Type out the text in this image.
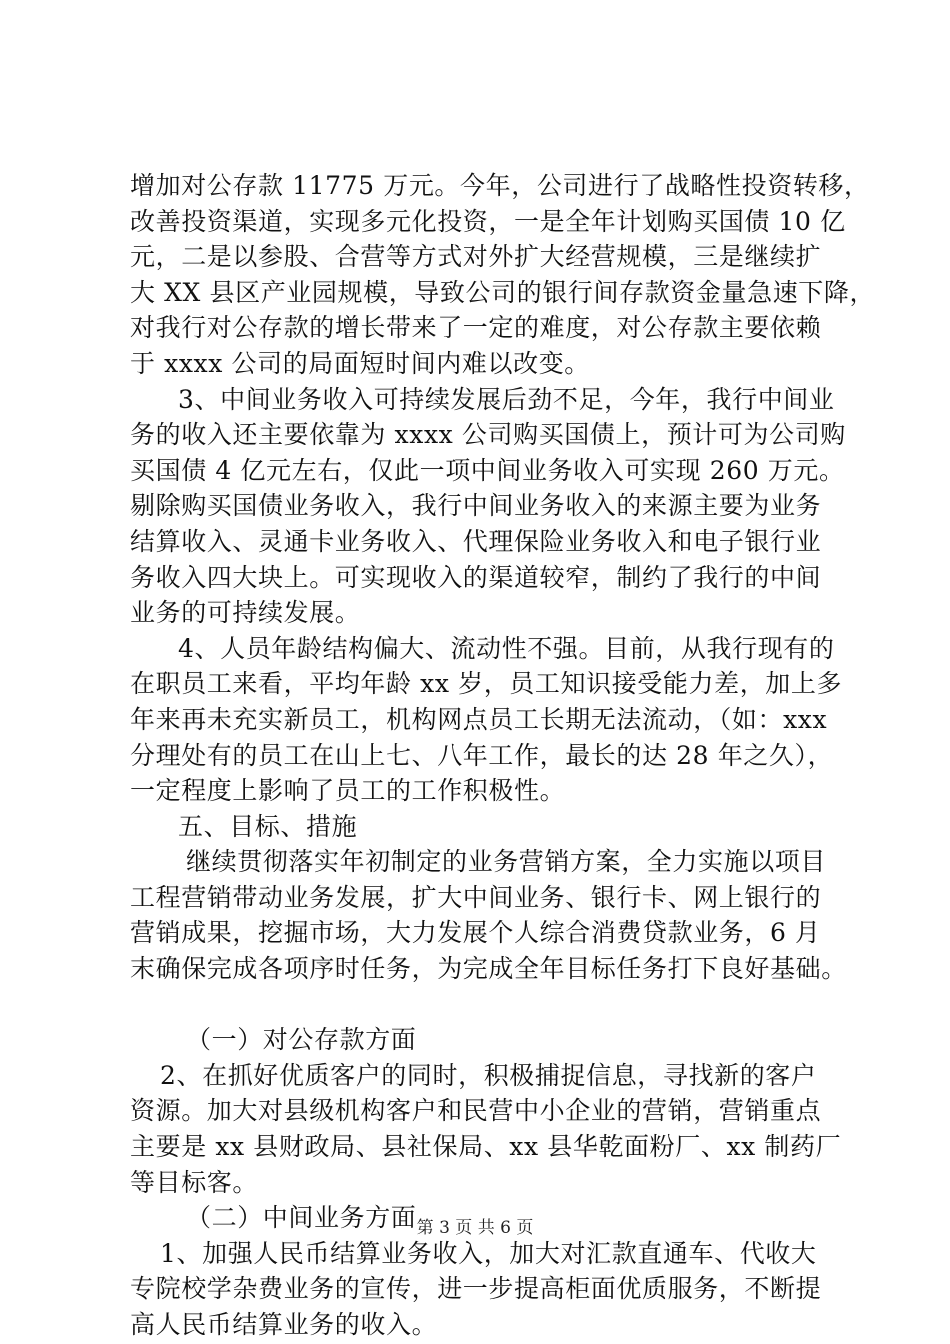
增加对公存款 11775 万元。今年，公司进行了战略性投资转移，
改善投资渠道，实现多元化投资，一是全年计划购买国债 10 亿
元，二是以参股、合营等方式对外扩大经营规模，三是继续扩
大 XX 县区产业园规模，导致公司的银行间存款资金量急速下降，
对我行对公存款的增长带来了一定的难度，对公存款主要依赖
于 xxxx 公司的局面短时间内难以改变。
3、中间业务收入可持续发展后劲不足，今年，我行中间业
务的收入还主要依靠为 xxxx 公司购买国债上，预计可为公司购
买国债 4 亿元左右，仅此一项中间业务收入可实现 260 万元。
剔除购买国债业务收入，我行中间业务收入的来源主要为业务
结算收入、灵通卡业务收入、代理保险业务收入和电子银行业
务收入四大块上。可实现收入的渠道较窄，制约了我行的中间
业务的可持续发展。
4、人员年龄结构偏大、流动性不强。目前，从我行现有的
在职员工来看，平均年龄 xx 岁，员工知识接受能力差，加上多
年来再未充实新员工，机构网点员工长期无法流动，（如：xxx
分理处有的员工在山上七、八年工作，最长的达 28 年之久），
一定程度上影响了员工的工作积极性。
五、目标、措施
继续贯彻落实年初制定的业务营销方案，全力实施以项目
工程营销带动业务发展，扩大中间业务、银行卡、网上银行的
营销成果，挖掘市场，大力发展个人综合消费贷款业务，6 月
末确保完成各项序时任务，为完成全年目标任务打下良好基础。
（一）对公存款方面
2、在抓好优质客户的同时，积极捕捉信息，寻找新的客户
资源。加大对县级机构客户和民营中小企业的营销，营销重点
主要是 xx 县财政局、县社保局、xx 县华乾面粉厂、xx 制药厂
等目标客。
（二）中间业务方面
1、加强人民币结算业务收入，加大对汇款直通车、代收大
专院校学杂费业务的宣传，进一步提高柜面优质服务，不断提
高人民币结算业务的收入。
第 3 页 共 6 页
